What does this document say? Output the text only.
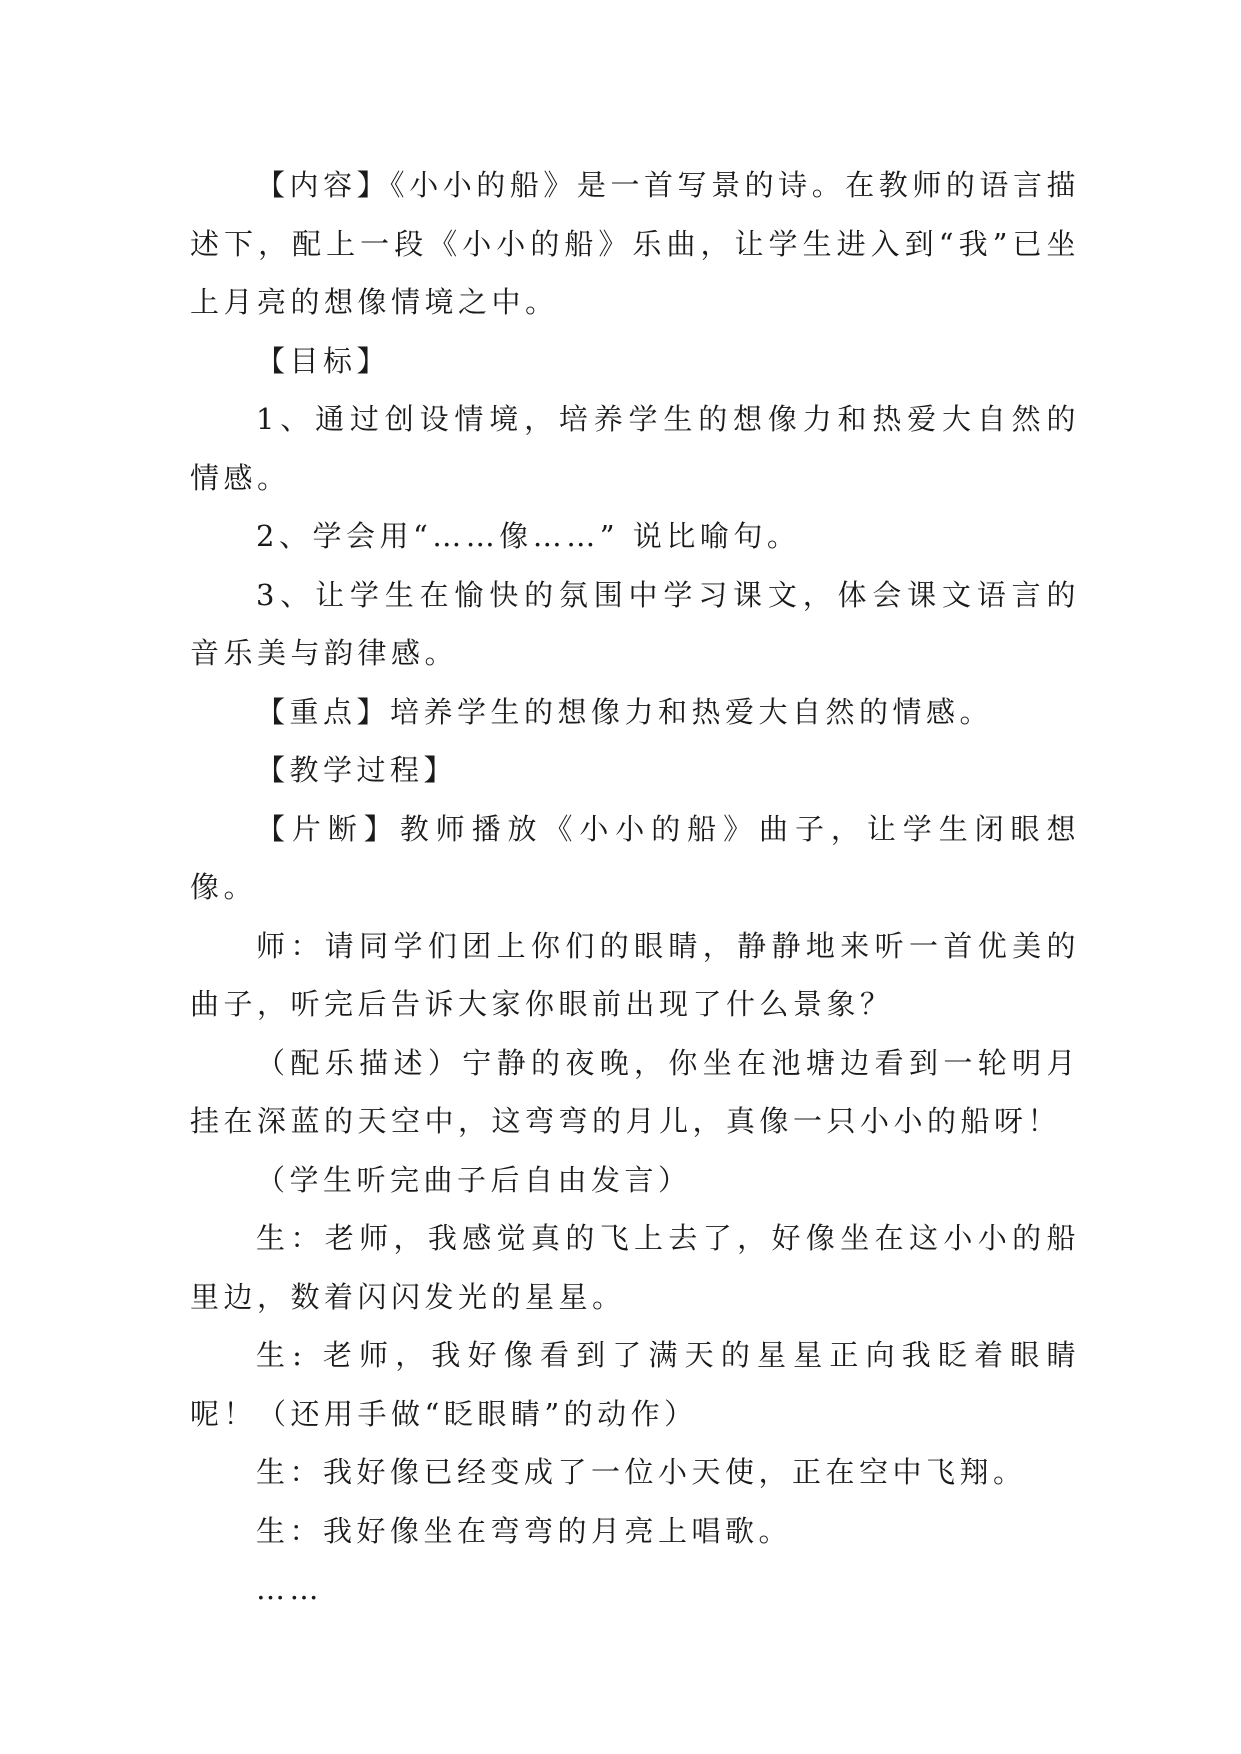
【内容】《小小的船》是一首写景的诗。在教师的语言描述下，配上一段《小小的船》乐曲，让学生进入到“我”已坐上月亮的想像情境之中。

【目标】

1、通过创设情境，培养学生的想像力和热爱大自然的情感。

2、学会用“……像……” 说比喻句。

3、让学生在愉快的氛围中学习课文，体会课文语言的音乐美与韵律感。

【重点】培养学生的想像力和热爱大自然的情感。

【教学过程】

【片断】教师播放《小小的船》曲子，让学生闭眼想像。

师：请同学们团上你们的眼睛，静静地来听一首优美的曲子，听完后告诉大家你眼前出现了什么景象？

（配乐描述）宁静的夜晚，你坐在池塘边看到一轮明月挂在深蓝的天空中，这弯弯的月儿，真像一只小小的船呀！

（学生听完曲子后自由发言）

生：老师，我感觉真的飞上去了，好像坐在这小小的船里边，数着闪闪发光的星星。

生: 老师，我好像看到了满天的星星正向我眨着眼睛呢！（还用手做“眨眼睛”的动作）

生：我好像已经变成了一位小天使，正在空中飞翔。

生：我好像坐在弯弯的月亮上唱歌。

……
